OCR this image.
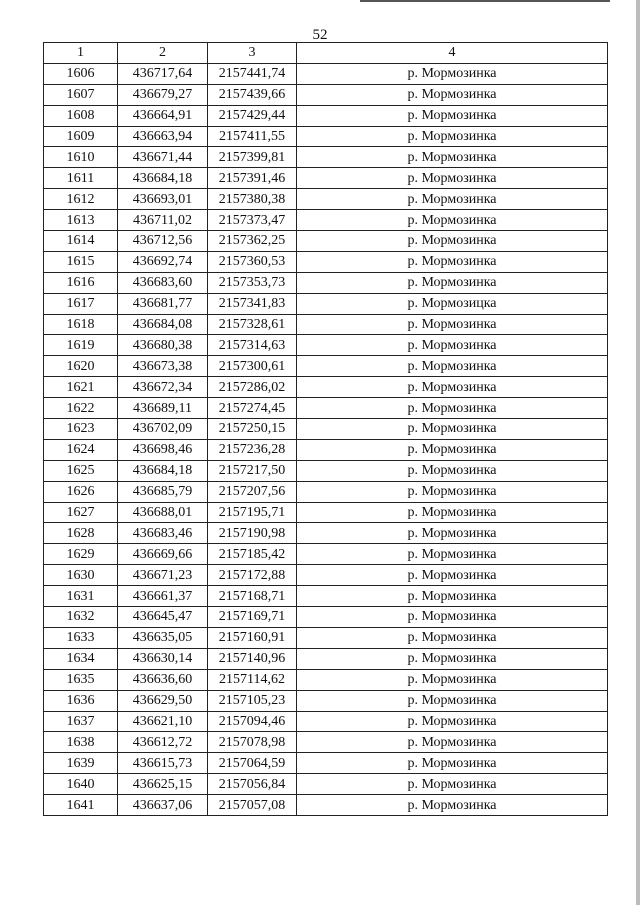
52
1	2	3	4
1606	436717,64	2157441,74	р. Мормозинка
1607	436679,27	2157439,66	р. Мормозинка
1608	436664,91	2157429,44	р. Мормозинка
1609	436663,94	2157411,55	р. Мормозинка
1610	436671,44	2157399,81	р. Мормозинка
1611	436684,18	2157391,46	р. Мормозинка
1612	436693,01	2157380,38	р. Мормозинка
1613	436711,02	2157373,47	р. Мормозинка
1614	436712,56	2157362,25	р. Мормозинка
1615	436692,74	2157360,53	р. Мормозинка
1616	436683,60	2157353,73	р. Мормозинка
1617	436681,77	2157341,83	р. Мормозицка
1618	436684,08	2157328,61	р. Мормозинка
1619	436680,38	2157314,63	р. Мормозинка
1620	436673,38	2157300,61	р. Мормозинка
1621	436672,34	2157286,02	р. Мормозинка
1622	436689,11	2157274,45	р. Мормозинка
1623	436702,09	2157250,15	р. Мормозинка
1624	436698,46	2157236,28	р. Мормозинка
1625	436684,18	2157217,50	р. Мормозинка
1626	436685,79	2157207,56	р. Мормозинка
1627	436688,01	2157195,71	р. Мормозинка
1628	436683,46	2157190,98	р. Мормозинка
1629	436669,66	2157185,42	р. Мормозинка
1630	436671,23	2157172,88	р. Мормозинка
1631	436661,37	2157168,71	р. Мормозинка
1632	436645,47	2157169,71	р. Мормозинка
1633	436635,05	2157160,91	р. Мормозинка
1634	436630,14	2157140,96	р. Мормозинка
1635	436636,60	2157114,62	р. Мормозинка
1636	436629,50	2157105,23	р. Мормозинка
1637	436621,10	2157094,46	р. Мормозинка
1638	436612,72	2157078,98	р. Мормозинка
1639	436615,73	2157064,59	р. Мормозинка
1640	436625,15	2157056,84	р. Мормозинка
1641	436637,06	2157057,08	р. Мормозинка
